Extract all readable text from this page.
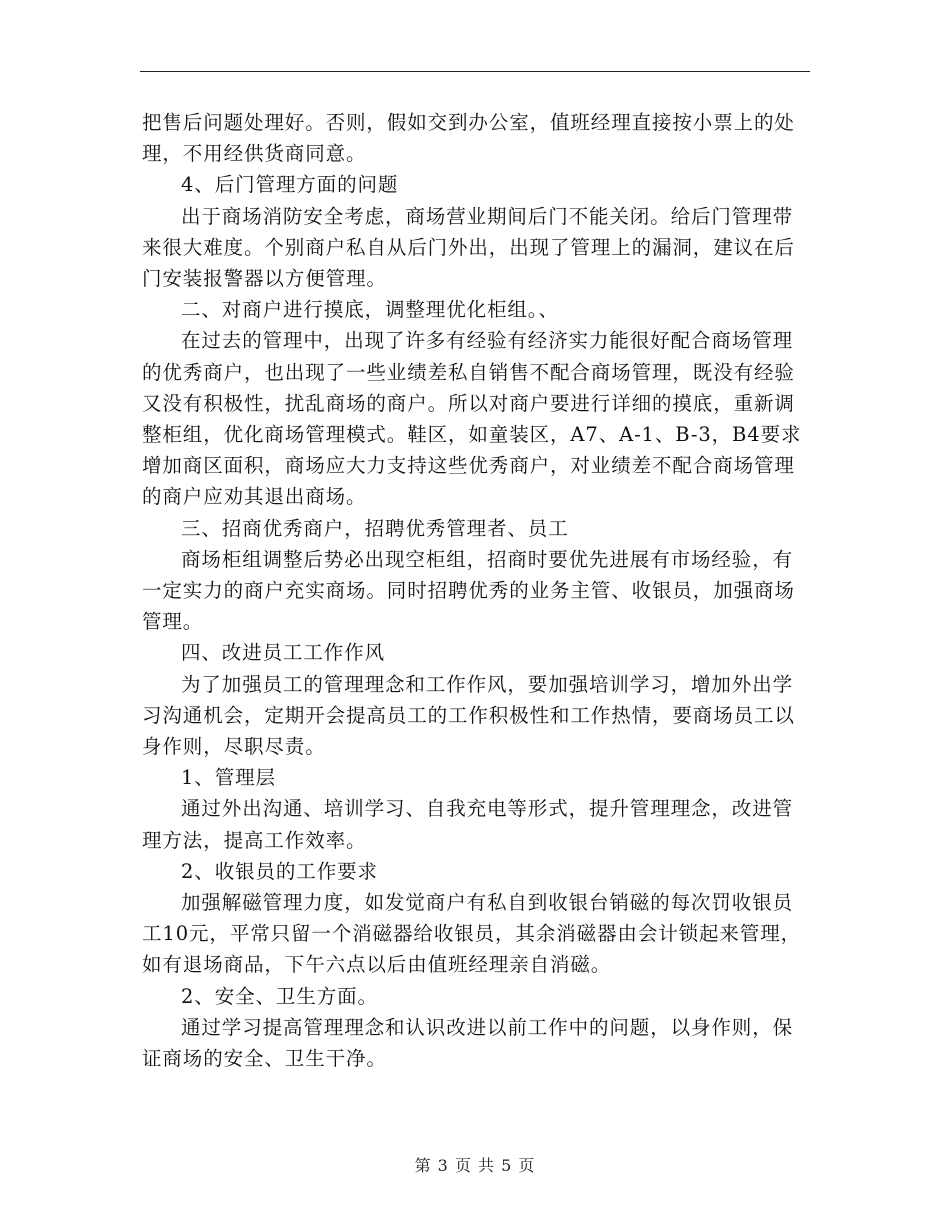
把售后问题处理好。否则，假如交到办公室，值班经理直接按小票上的处理，不用经供货商同意。

4、后门管理方面的问题

出于商场消防安全考虑，商场营业期间后门不能关闭。给后门管理带来很大难度。个别商户私自从后门外出，出现了管理上的漏洞，建议在后门安装报警器以方便管理。

二、对商户进行摸底，调整理优化柜组。、

在过去的管理中，出现了许多有经验有经济实力能很好配合商场管理的优秀商户，也出现了一些业绩差私自销售不配合商场管理，既没有经验又没有积极性，扰乱商场的商户。所以对商户要进行详细的摸底，重新调整柜组，优化商场管理模式。鞋区，如童装区，A7、A-1、B-3，B4要求增加商区面积，商场应大力支持这些优秀商户，对业绩差不配合商场管理的商户应劝其退出商场。

三、招商优秀商户，招聘优秀管理者、员工

商场柜组调整后势必出现空柜组，招商时要优先进展有市场经验，有一定实力的商户充实商场。同时招聘优秀的业务主管、收银员，加强商场管理。

四、改进员工工作作风

为了加强员工的管理理念和工作作风，要加强培训学习，增加外出学习沟通机会，定期开会提高员工的工作积极性和工作热情，要商场员工以身作则，尽职尽责。

1、管理层

通过外出沟通、培训学习、自我充电等形式，提升管理理念，改进管理方法，提高工作效率。

2、收银员的工作要求

加强解磁管理力度，如发觉商户有私自到收银台销磁的每次罚收银员工10元，平常只留一个消磁器给收银员，其余消磁器由会计锁起来管理，如有退场商品，下午六点以后由值班经理亲自消磁。

2、安全、卫生方面。

通过学习提高管理理念和认识改进以前工作中的问题，以身作则，保证商场的安全、卫生干净。

第 3 页 共 5 页
